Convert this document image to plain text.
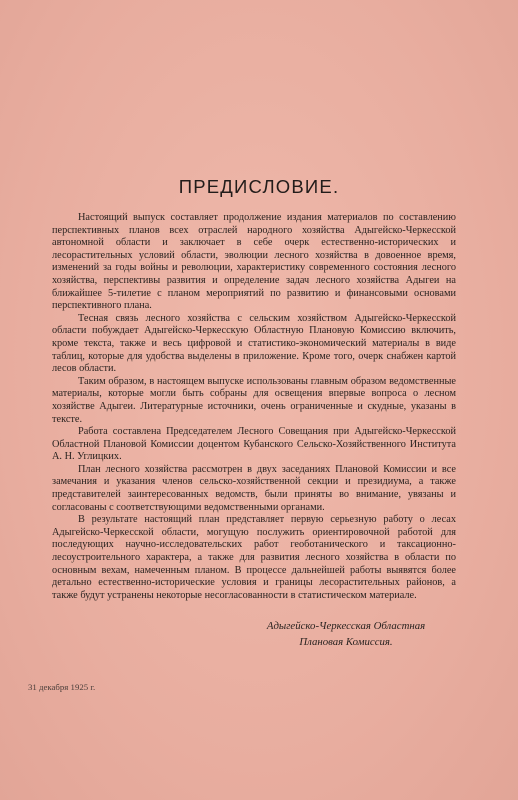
ПРЕДИСЛОВИЕ.

Настоящий выпуск составляет продолжение издания материалов по составлению перспективных планов всех отраслей народного хозяйства Адыгейско-Черкесской автономной области и заключает в себе очерк естественно-исторических и лесорастительных условий области, эволюции лесного хозяйства в довоенное время, изменений за годы войны и революции, характеристику современного состояния лесного хозяйства, перспективы развития и определение задач лесного хозяйства Адыгеи на ближайшее 5-тилетие с планом мероприятий по развитию и финансовыми основами перспективного плана.

Тесная связь лесного хозяйства с сельским хозяйством Адыгейско-Черкесской области побуждает Адыгейско-Черкесскую Областную Плановую Комиссию включить, кроме текста, также и весь цифровой и статистико-экономический материалы в виде таблиц, которые для удобства выделены в приложение. Кроме того, очерк снабжен картой лесов области.

Таким образом, в настоящем выпуске использованы главным образом ведомственные материалы, которые могли быть собраны для освещения впервые вопроса о лесном хозяйстве Адыгеи. Литературные источники, очень ограниченные и скудные, указаны в тексте.

Работа составлена Председателем Лесного Совещания при Адыгейско-Черкесской Областной Плановой Комиссии доцентом Кубанского Сельско-Хозяйственного Института А. Н. Углицких.

План лесного хозяйства рассмотрен в двух заседаниях Плановой Комиссии и все замечания и указания членов сельско-хозяйственной секции и президиума, а также представителей заинтересованных ведомств, были приняты во внимание, увязаны и согласованы с соответствующими ведомственными органами.

В результате настоящий план представляет первую серьезную работу о лесах Адыгейско-Черкесской области, могущую послужить ориентировочной работой для последующих научно-исследовательских работ геоботанического и таксационно-лесоустроительного характера, а также для развития лесного хозяйства в области по основным вехам, намеченным планом. В процессе дальнейшей работы выявятся более детально естественно-исторические условия и границы лесорастительных районов, а также будут устранены некоторые несогласованности в статистическом материале.

Адыгейско-Черкесская Областная
Плановая Комиссия.
31 декабря 1925 г.
